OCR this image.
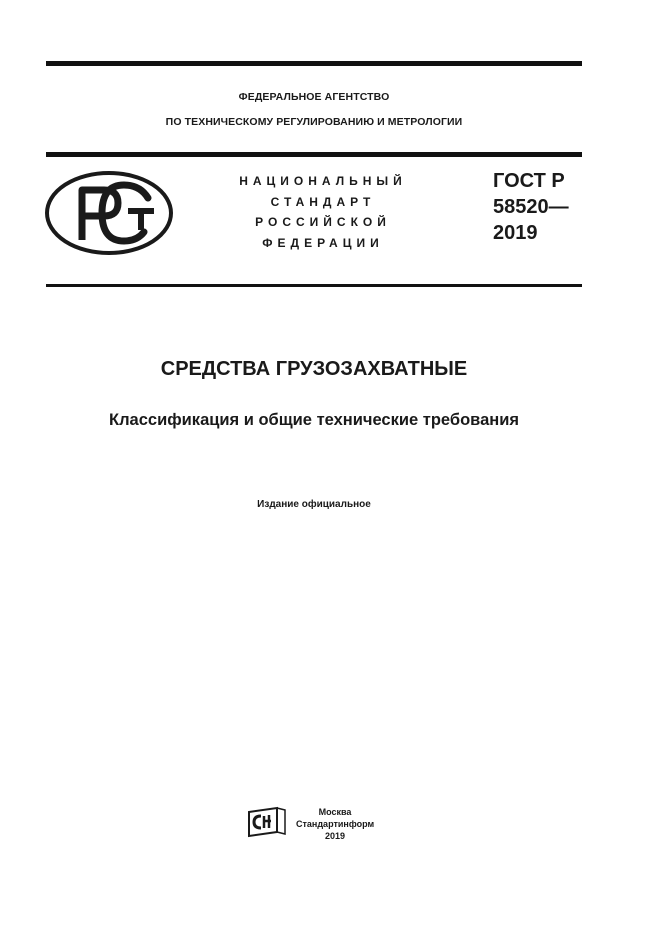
ФЕДЕРАЛЬНОЕ АГЕНТСТВО
ПО ТЕХНИЧЕСКОМУ РЕГУЛИРОВАНИЮ И МЕТРОЛОГИИ
НАЦИОНАЛЬНЫЙ
СТАНДАРТ
РОССИЙСКОЙ
ФЕДЕРАЦИИ
ГОСТ Р
58520—
2019
СРЕДСТВА ГРУЗОЗАХВАТНЫЕ
Классификация и общие технические требования
Издание официальное
Москва
Стандартинформ
2019
